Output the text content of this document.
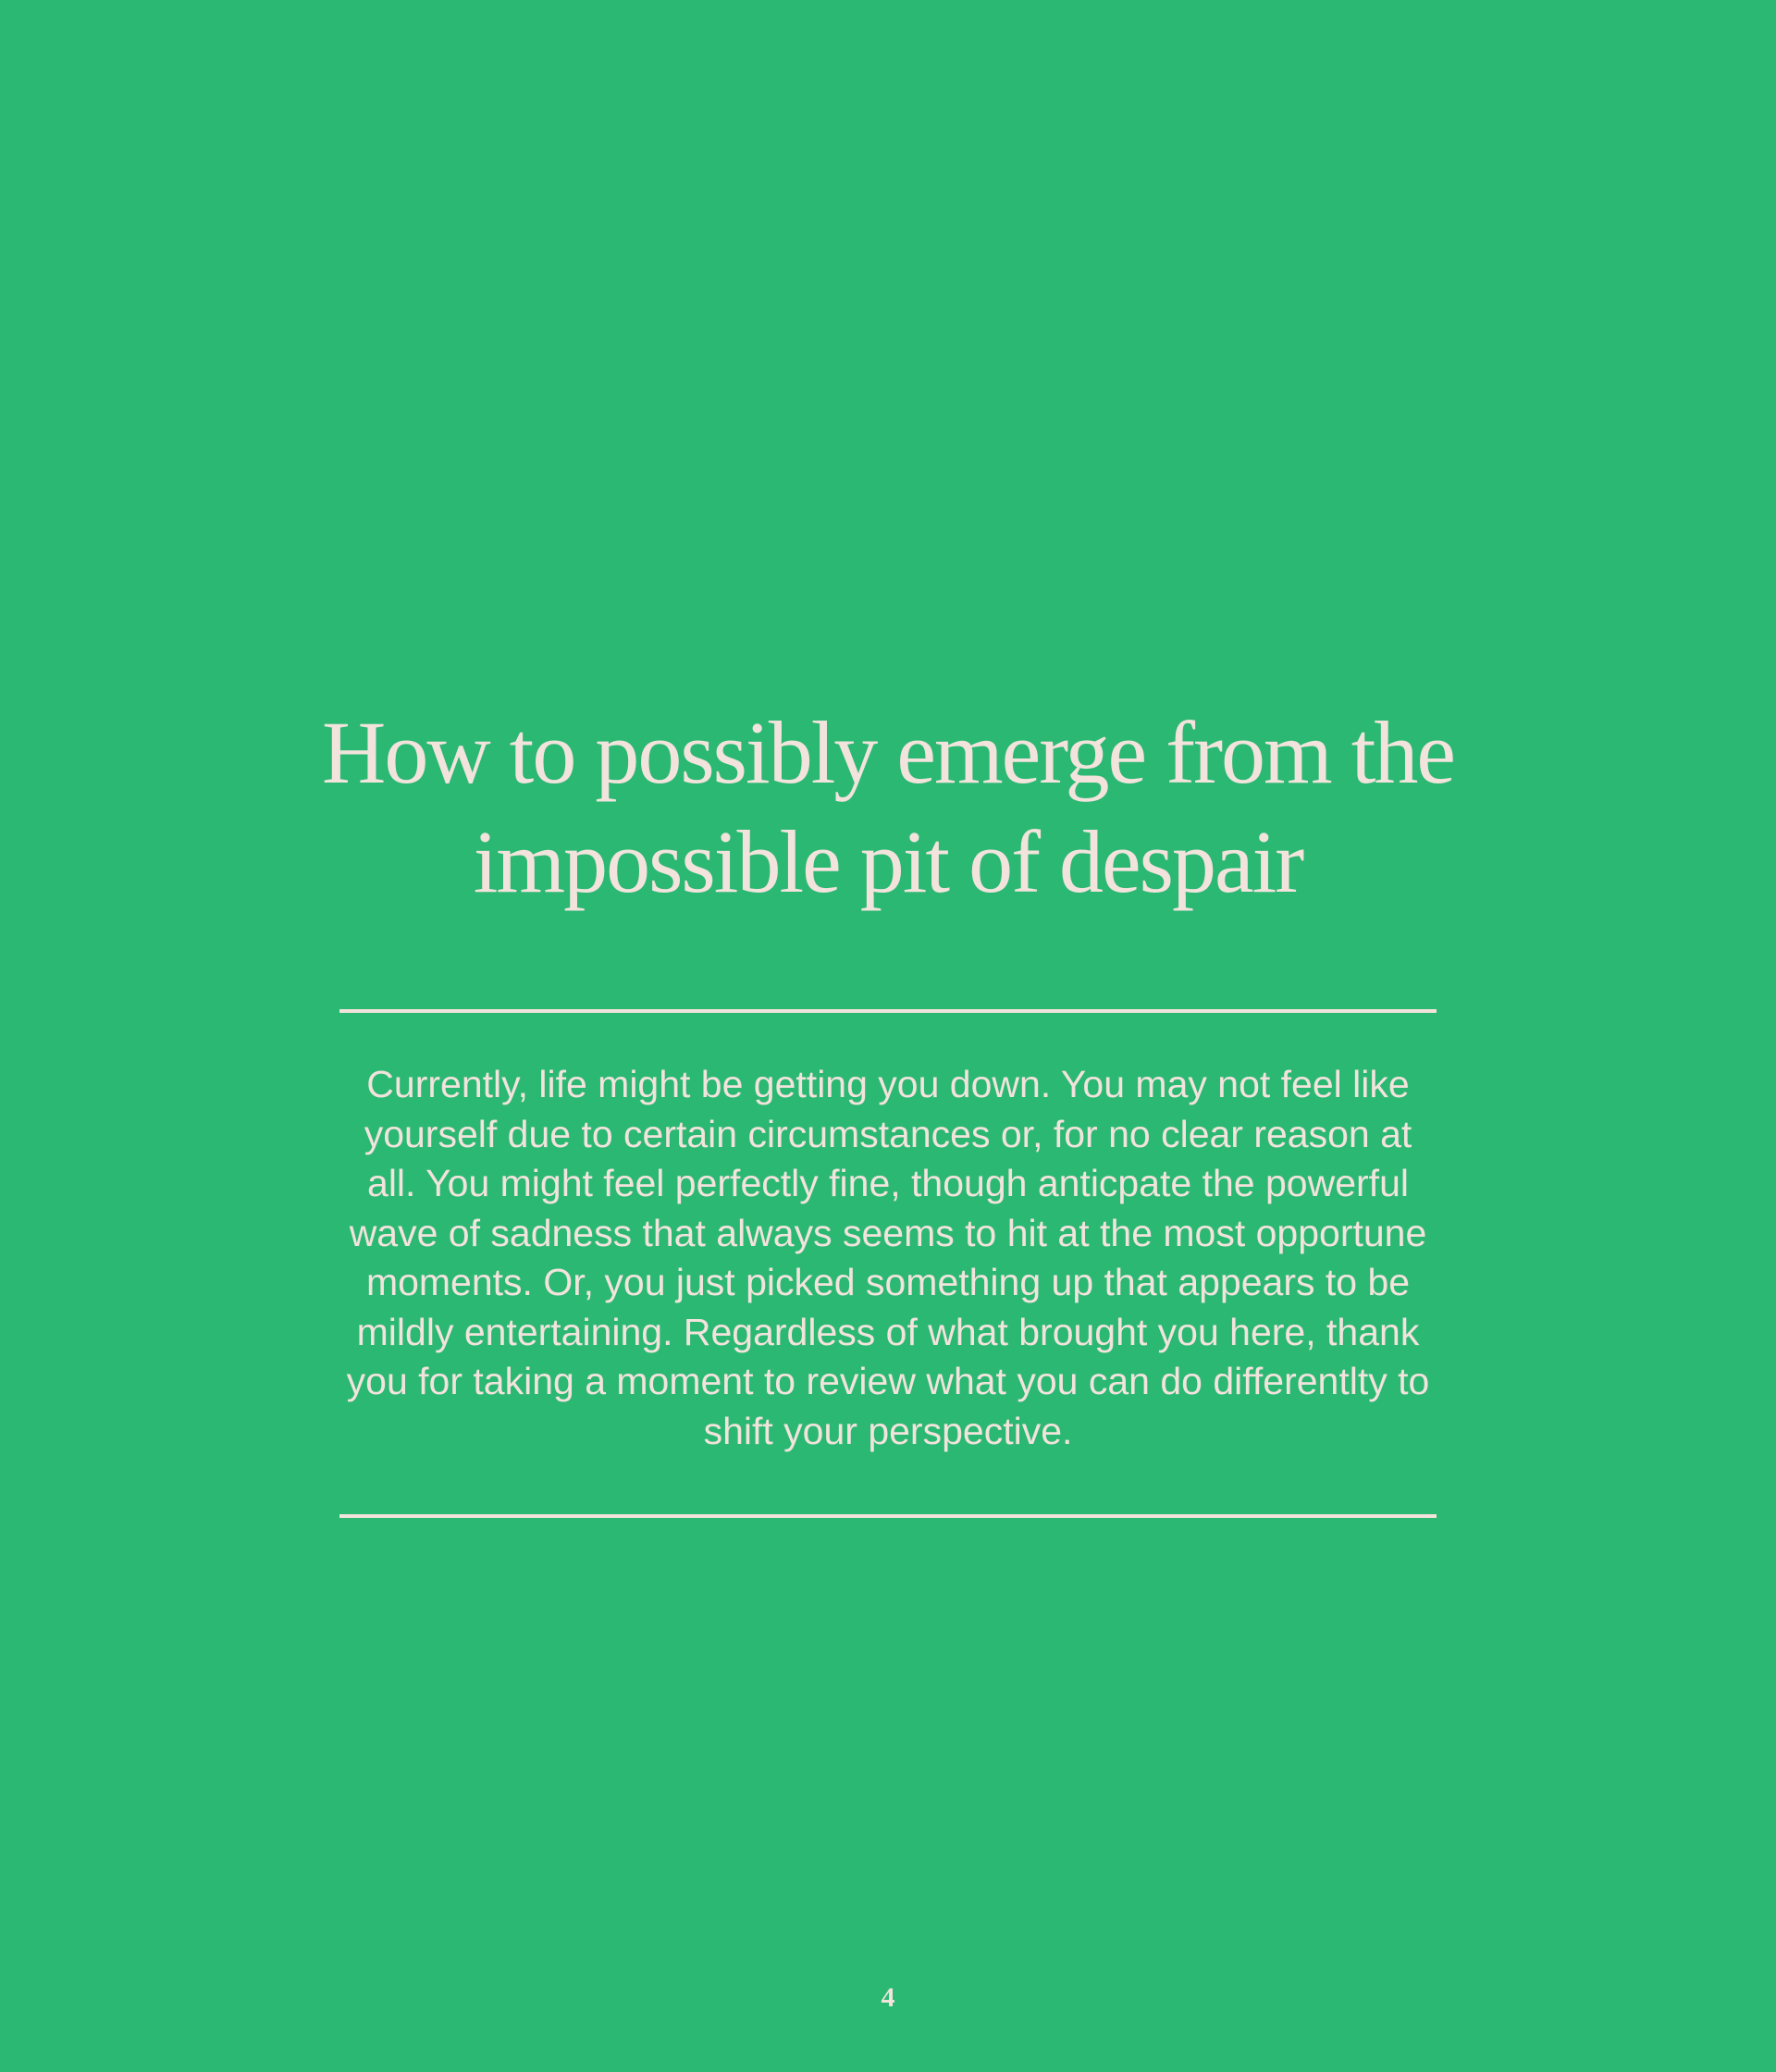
How to possibly emerge from the impossible pit of despair

Currently, life might be getting you down. You may not feel like yourself due to certain circumstances or, for no clear reason at all. You might feel perfectly fine, though anticpate the powerful wave of sadness that always seems to hit at the most opportune moments. Or, you just picked something up that appears to be mildly entertaining. Regardless of what brought you here, thank you for taking a moment to review what you can do differentlty to shift your perspective.

4
